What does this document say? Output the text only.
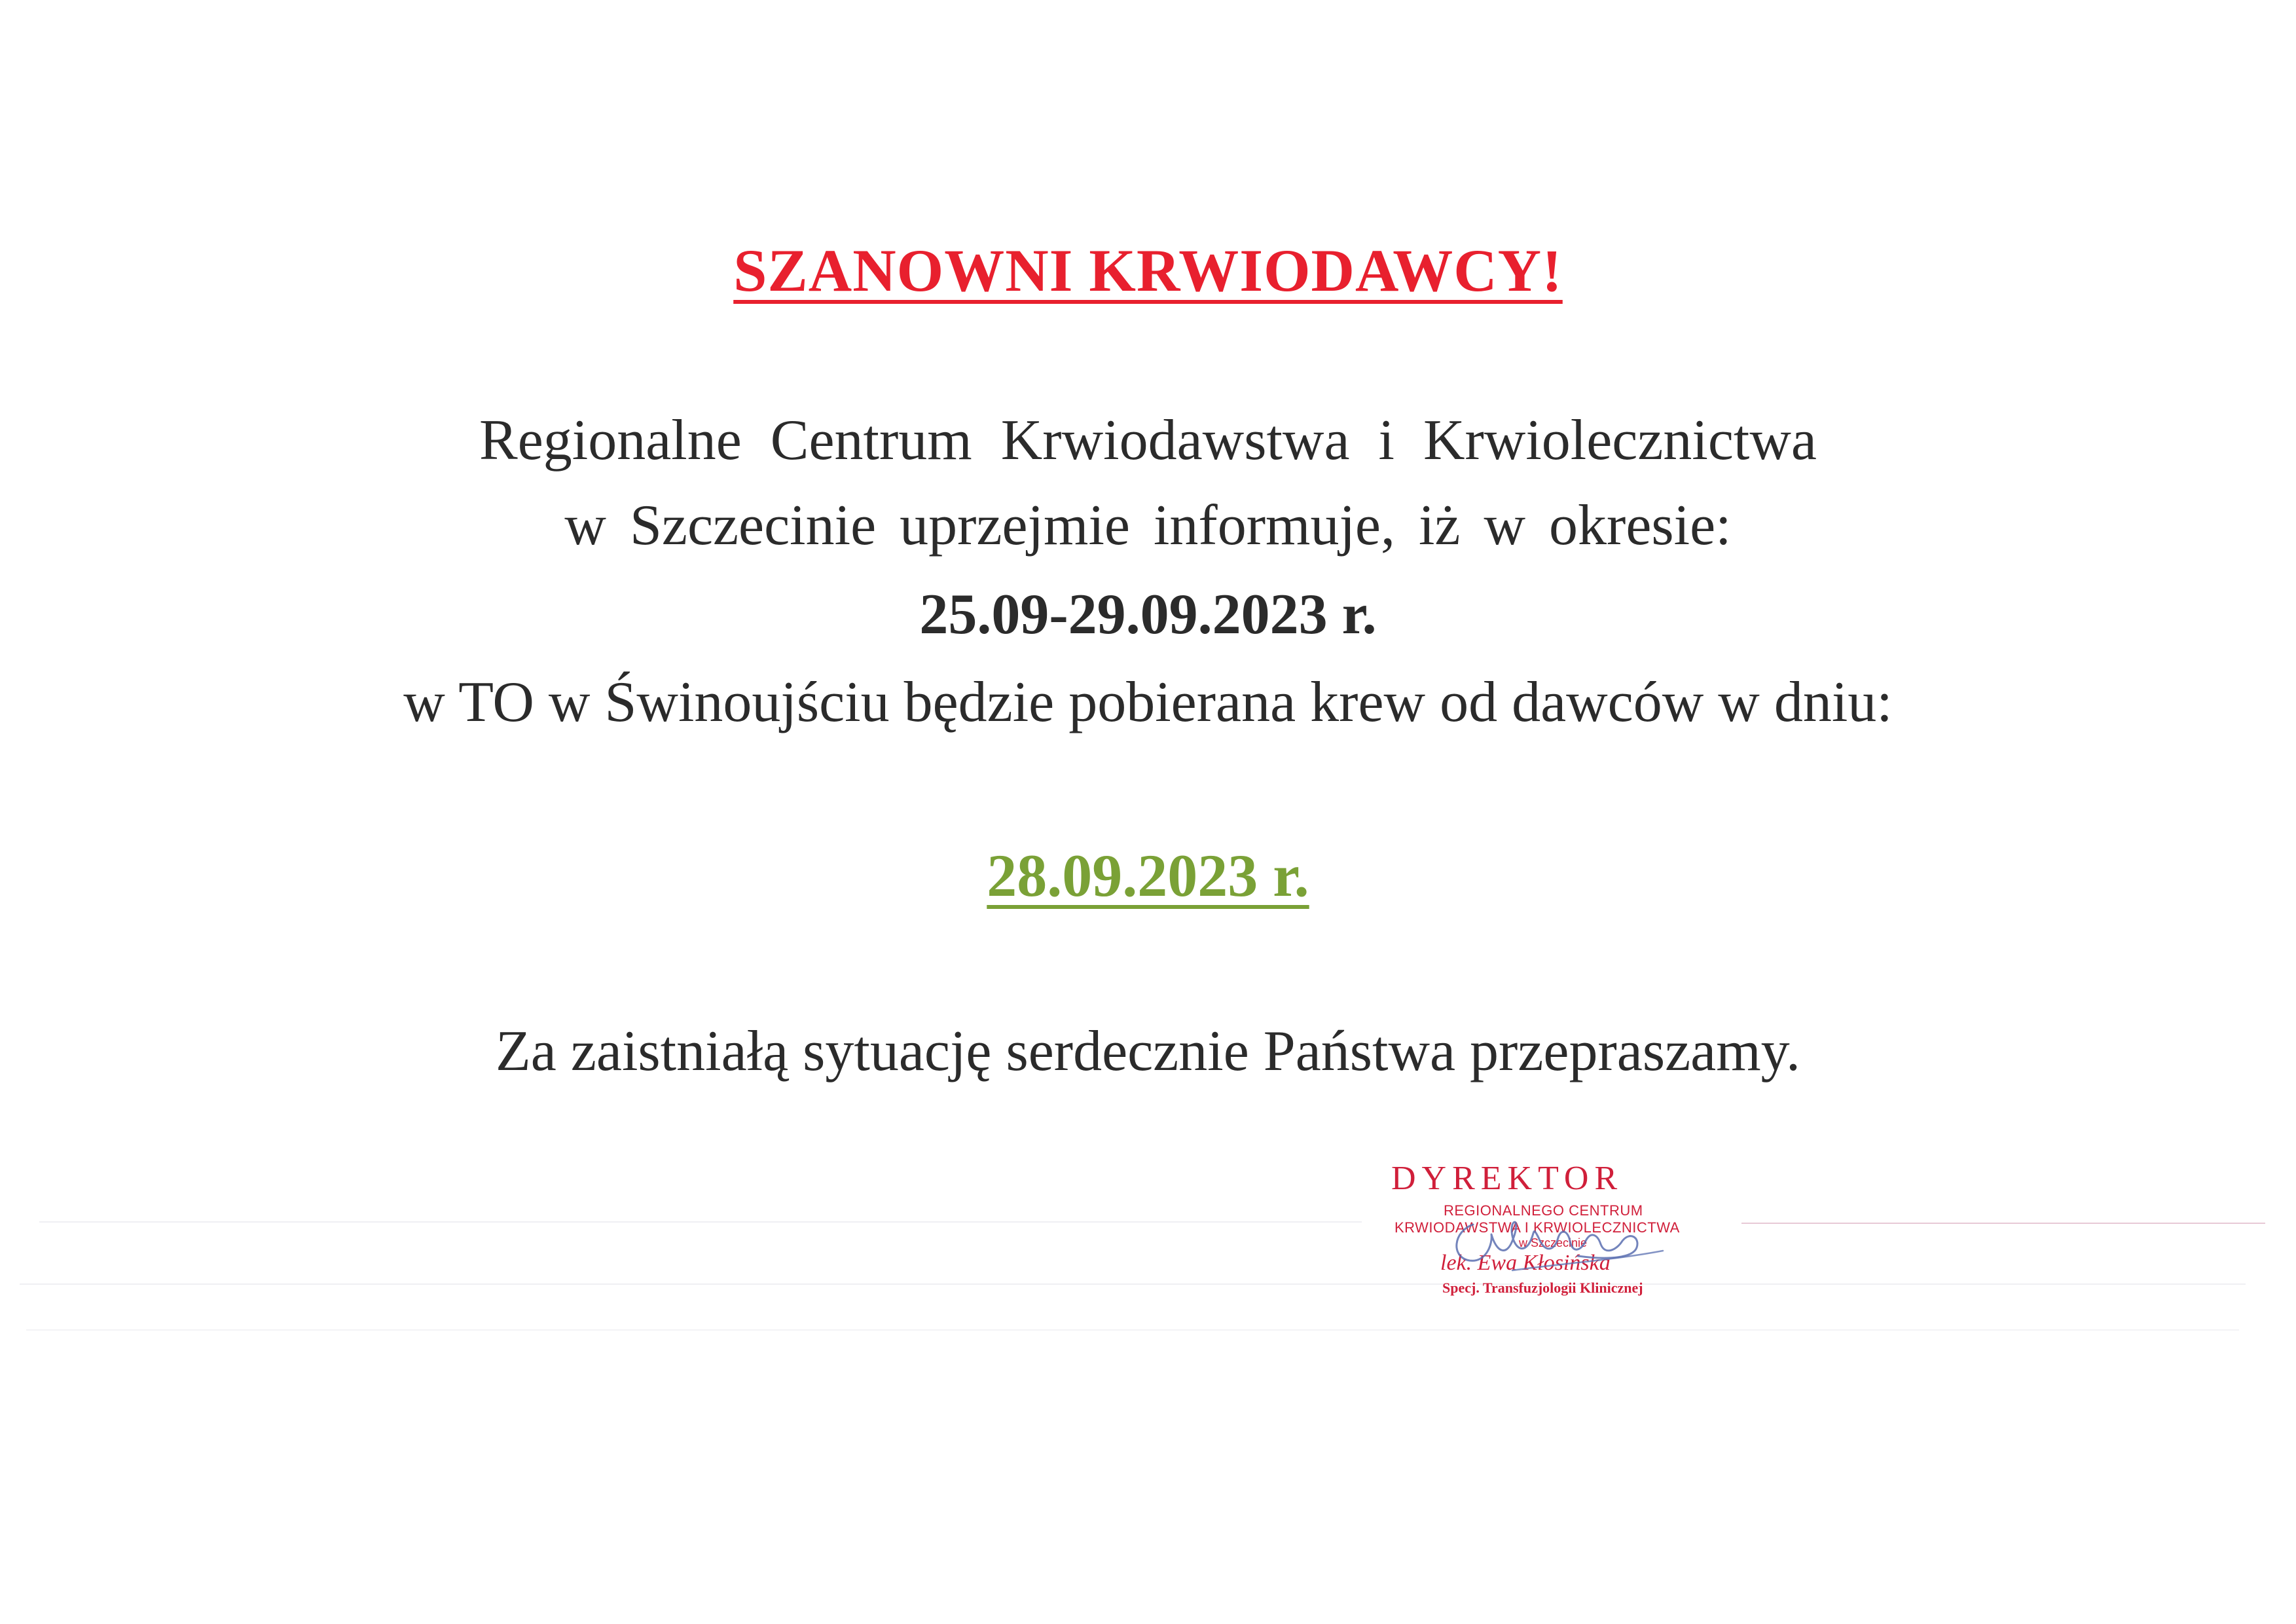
SZANOWNI KRWIODAWCY!
Regionalne Centrum Krwiodawstwa i Krwiolecznictwa
w Szczecinie uprzejmie informuje, iż w okresie:
25.09-29.09.2023 r.
w TO w Świnoujściu będzie pobierana krew od dawców w dniu:
28.09.2023 r.
Za zaistniałą sytuację serdecznie Państwa przepraszamy.
DYREKTOR
REGIONALNEGO CENTRUM
KRWIODAWSTWA I KRWIOLECZNICTWA
w Szczecinie
lek. Ewa Kłosińska
Specj. Transfuzjologii Klinicznej
